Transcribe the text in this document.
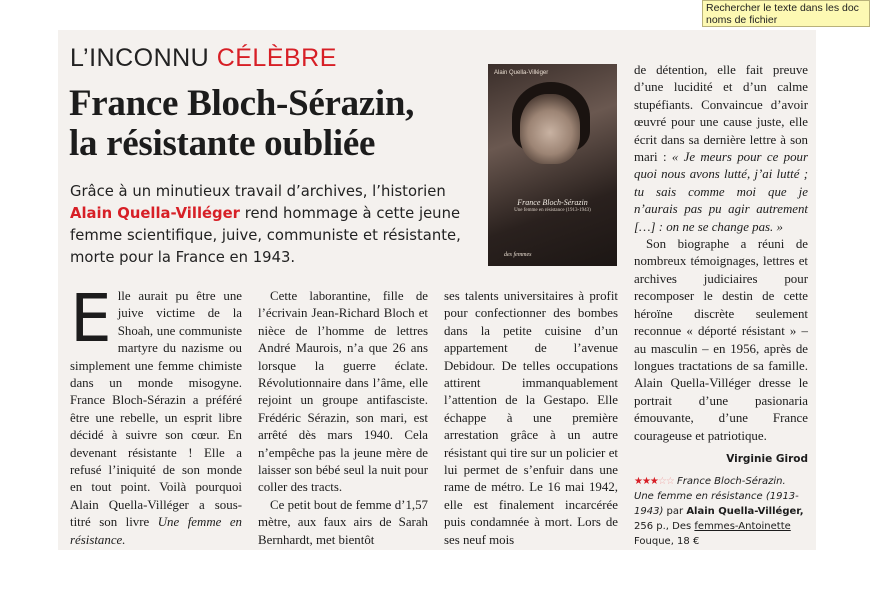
L’INCONNU CÉLÈBRE
France Bloch-Sérazin,
la résistante oubliée
Grâce à un minutieux travail d’archives, l’historien Alain Quella-Villéger rend hommage à cette jeune femme scientifique, juive, communiste et résistante, morte pour la France en 1943.
Alain Quella-Villéger
France Bloch-Sérazin
Une femme en résistance (1913-1943)
des femmes
Elle aurait pu être une juive victime de la Shoah, une communiste martyre du nazisme ou simplement une femme chimiste dans un monde misogyne. France Bloch-Sérazin a préféré être une rebelle, un esprit libre décidé à suivre son cœur. En devenant résistante ! Elle a refusé l’iniquité de son monde en tout point. Voilà pourquoi Alain Quella-Villéger a sous-titré son livre Une femme en résistance.
Cette laborantine, fille de l’écrivain Jean-Richard Bloch et nièce de l’homme de lettres André Maurois, n’a que 26 ans lorsque la guerre éclate. Révolutionnaire dans l’âme, elle rejoint un groupe antifasciste. Frédéric Sérazin, son mari, est arrêté dès mars 1940. Cela n’empêche pas la jeune mère de laisser son bébé seul la nuit pour coller des tracts.
Ce petit bout de femme d’1,57 mètre, aux faux airs de Sarah Bernhardt, met bientôt
ses talents universitaires à profit pour confectionner des bombes dans la petite cuisine d’un appartement de l’avenue Debidour. De telles occupations attirent immanquablement l’attention de la Gestapo. Elle échappe à une première arrestation grâce à un autre résistant qui tire sur un policier et lui permet de s’enfuir dans une rame de métro. Le 16 mai 1942, elle est finalement incarcérée puis condamnée à mort. Lors de ses neuf mois
de détention, elle fait preuve d’une lucidité et d’un calme stupéfiants. Convaincue d’avoir œuvré pour une cause juste, elle écrit dans sa dernière lettre à son mari : « Je meurs pour ce pour quoi nous avons lutté, j’ai lutté ; tu sais comme moi que je n’aurais pas pu agir autrement […] : on ne se change pas. »
Son biographe a réuni de nombreux témoignages, lettres et archives judiciaires pour recomposer le destin de cette héroïne discrète seulement reconnue « déporté résistant » – au masculin – en 1956, après de longues tractations de sa famille. Alain Quella-Villéger dresse le portrait d’une pasionaria émouvante, d’une France courageuse et patriotique.
Virginie Girod
★★★☆☆ France Bloch-Sérazin. Une femme en résistance (1913-1943) par Alain Quella-Villéger, 256 p., Des femmes-Antoinette Fouque, 18 €
Rechercher le texte dans les doc
noms de fichier
